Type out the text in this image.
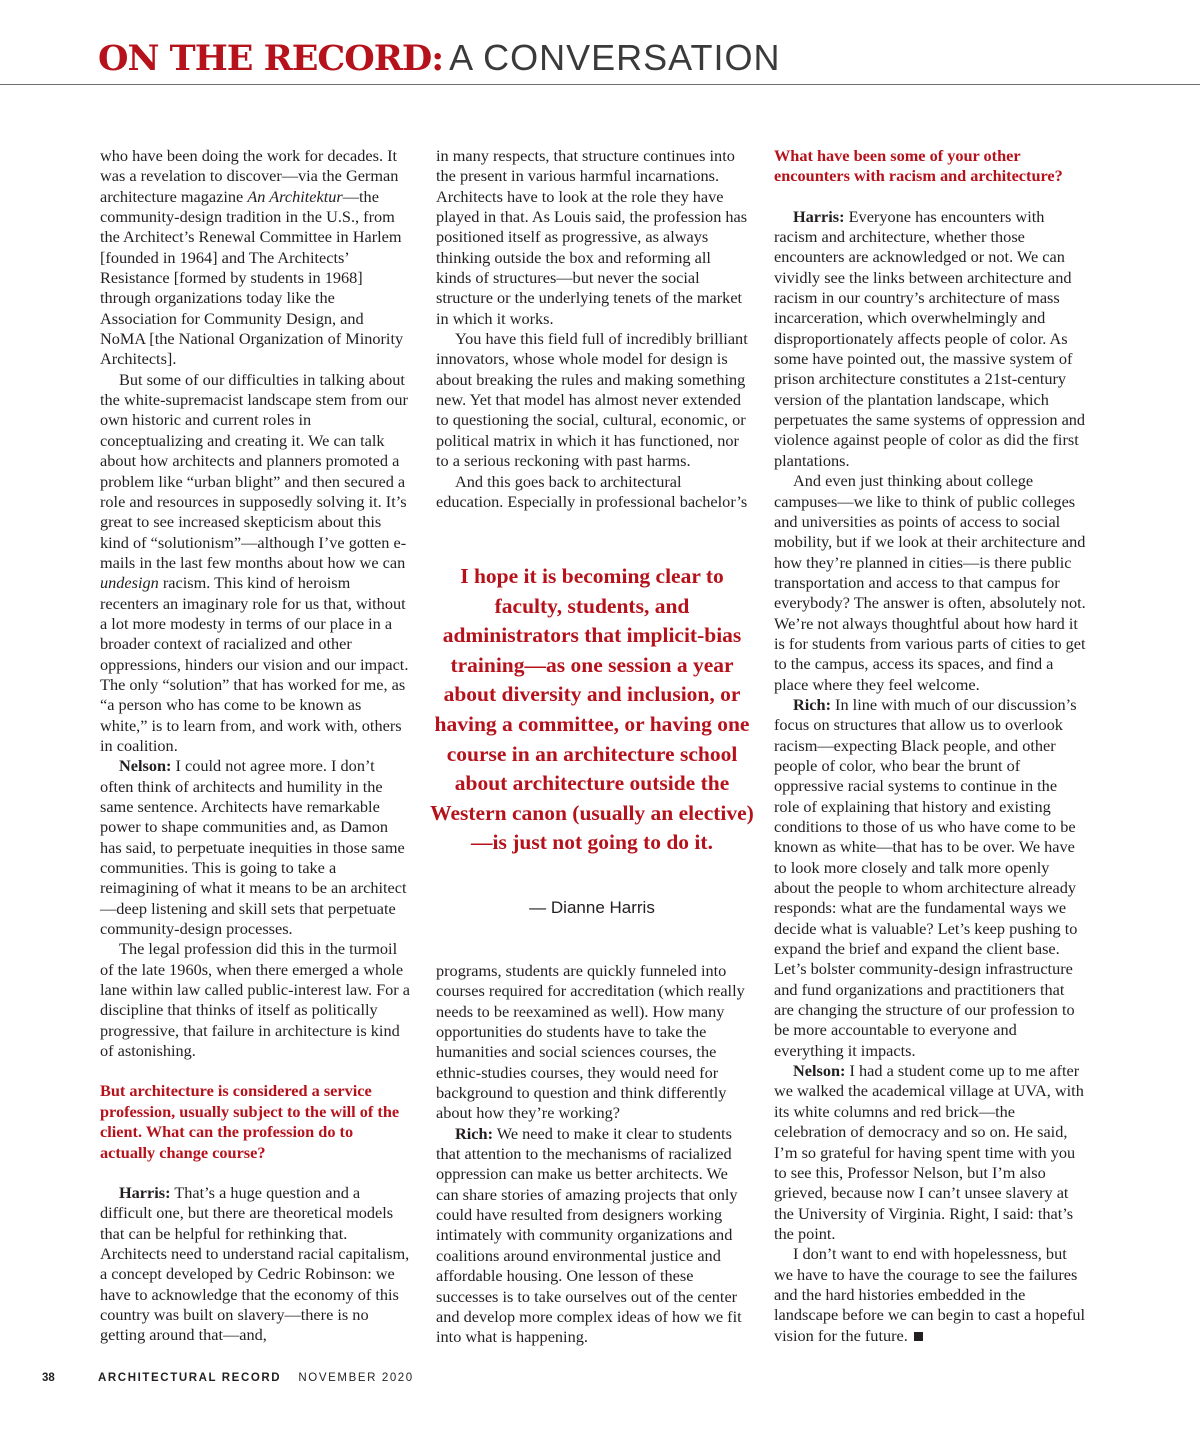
ON THE RECORD: A CONVERSATION

who have been doing the work for decades. It was a revelation to discover—via the German architecture magazine An Architektur—the community-design tradition in the U.S., from the Architect’s Renewal Committee in Harlem [founded in 1964] and The Architects’ Resistance [formed by students in 1968] through organizations today like the Association for Community Design, and NoMA [the National Organization of Minority Architects].

But some of our difficulties in talking about the white-supremacist landscape stem from our own historic and current roles in conceptualizing and creating it. We can talk about how architects and planners promoted a problem like “urban blight” and then secured a role and resources in supposedly solving it. It’s great to see increased skepticism about this kind of “solutionism”—although I’ve gotten e-mails in the last few months about how we can undesign racism. This kind of heroism recenters an imaginary role for us that, without a lot more modesty in terms of our place in a broader context of racialized and other oppressions, hinders our vision and our impact. The only “solution” that has worked for me, as “a person who has come to be known as white,” is to learn from, and work with, others in coalition.

Nelson: I could not agree more. I don’t often think of architects and humility in the same sentence. Architects have remarkable power to shape communities and, as Damon has said, to perpetuate inequities in those same communities. This is going to take a reimagining of what it means to be an architect—deep listening and skill sets that perpetuate community-design processes.

The legal profession did this in the turmoil of the late 1960s, when there emerged a whole lane within law called public-interest law. For a discipline that thinks of itself as politically progressive, that failure in architecture is kind of astonishing.

But architecture is considered a service profession, usually subject to the will of the client. What can the profession do to actually change course?

Harris: That’s a huge question and a difficult one, but there are theoretical models that can be helpful for rethinking that. Architects need to understand racial capitalism, a concept developed by Cedric Robinson: we have to acknowledge that the economy of this country was built on slavery—there is no getting around that—and,

in many respects, that structure continues into the present in various harmful incarnations. Architects have to look at the role they have played in that. As Louis said, the profession has positioned itself as progressive, as always thinking outside the box and reforming all kinds of structures—but never the social structure or the underlying tenets of the market in which it works.

You have this field full of incredibly brilliant innovators, whose whole model for design is about breaking the rules and making something new. Yet that model has almost never extended to questioning the social, cultural, economic, or political matrix in which it has functioned, nor to a serious reckoning with past harms.

And this goes back to architectural education. Especially in professional bachelor’s

I hope it is becoming clear to faculty, students, and administrators that implicit-bias training—as one session a year about diversity and inclusion, or having a committee, or having one course in an architecture school about architecture outside the Western canon (usually an elective)—is just not going to do it.
— Dianne Harris

programs, students are quickly funneled into courses required for accreditation (which really needs to be reexamined as well). How many opportunities do students have to take the humanities and social sciences courses, the ethnic-studies courses, they would need for background to question and think differently about how they’re working?

Rich: We need to make it clear to students that attention to the mechanisms of racialized oppression can make us better architects. We can share stories of amazing projects that only could have resulted from designers working intimately with community organizations and coalitions around environmental justice and affordable housing. One lesson of these successes is to take ourselves out of the center and develop more complex ideas of how we fit into what is happening.

What have been some of your other encounters with racism and architecture?

Harris: Everyone has encounters with racism and architecture, whether those encounters are acknowledged or not. We can vividly see the links between architecture and racism in our country’s architecture of mass incarceration, which overwhelmingly and disproportionately affects people of color. As some have pointed out, the massive system of prison architecture constitutes a 21st-century version of the plantation landscape, which perpetuates the same systems of oppression and violence against people of color as did the first plantations.

And even just thinking about college campuses—we like to think of public colleges and universities as points of access to social mobility, but if we look at their architecture and how they’re planned in cities—is there public transportation and access to that campus for everybody? The answer is often, absolutely not. We’re not always thoughtful about how hard it is for students from various parts of cities to get to the campus, access its spaces, and find a place where they feel welcome.

Rich: In line with much of our discussion’s focus on structures that allow us to overlook racism—expecting Black people, and other people of color, who bear the brunt of oppressive racial systems to continue in the role of explaining that history and existing conditions to those of us who have come to be known as white—that has to be over. We have to look more closely and talk more openly about the people to whom architecture already responds: what are the fundamental ways we decide what is valuable? Let’s keep pushing to expand the brief and expand the client base. Let’s bolster community-design infrastructure and fund organizations and practitioners that are changing the structure of our profession to be more accountable to everyone and everything it impacts.

Nelson: I had a student come up to me after we walked the academical village at UVA, with its white columns and red brick—the celebration of democracy and so on. He said, I’m so grateful for having spent time with you to see this, Professor Nelson, but I’m also grieved, because now I can’t unsee slavery at the University of Virginia. Right, I said: that’s the point.

I don’t want to end with hopelessness, but we have to have the courage to see the failures and the hard histories embedded in the landscape before we can begin to cast a hopeful vision for the future.

38	ARCHITECTURAL RECORD NOVEMBER 2020
